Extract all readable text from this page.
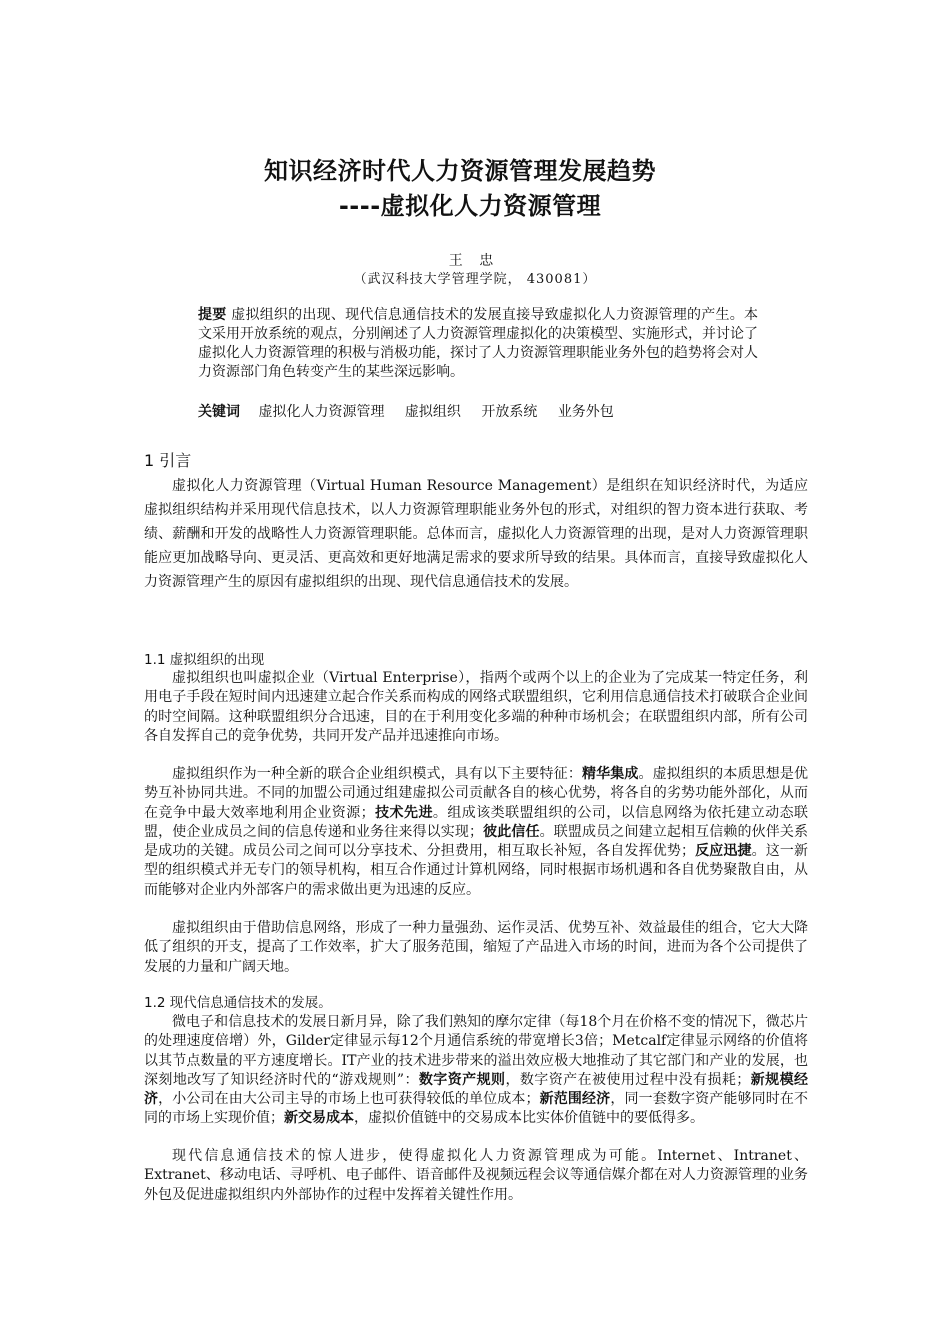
知识经济时代人力资源管理发展趋势
----虚拟化人力资源管理
王 忠
（武汉科技大学管理学院， 430081）
提要 虚拟组织的出现、现代信息通信技术的发展直接导致虚拟化人力资源管理的产生。本文采用开放系统的观点，分别阐述了人力资源管理虚拟化的决策模型、实施形式，并讨论了虚拟化人力资源管理的积极与消极功能，探讨了人力资源管理职能业务外包的趋势将会对人力资源部门角色转变产生的某些深远影响。
关键词 虚拟化人力资源管理 虚拟组织 开放系统 业务外包
1 引言

虚拟化人力资源管理（Virtual Human Resource Management）是组织在知识经济时代，为适应虚拟组织结构并采用现代信息技术，以人力资源管理职能业务外包的形式，对组织的智力资本进行获取、考绩、薪酬和开发的战略性人力资源管理职能。总体而言，虚拟化人力资源管理的出现，是对人力资源管理职能应更加战略导向、更灵活、更高效和更好地满足需求的要求所导致的结果。具体而言，直接导致虚拟化人力资源管理产生的原因有虚拟组织的出现、现代信息通信技术的发展。

1.1 虚拟组织的出现

虚拟组织也叫虚拟企业（Virtual Enterprise），指两个或两个以上的企业为了完成某一特定任务，利用电子手段在短时间内迅速建立起合作关系而构成的网络式联盟组织，它利用信息通信技术打破联合企业间的时空间隔。这种联盟组织分合迅速，目的在于利用变化多端的种种市场机会；在联盟组织内部，所有公司各自发挥自己的竞争优势，共同开发产品并迅速推向市场。

虚拟组织作为一种全新的联合企业组织模式，具有以下主要特征：精华集成。虚拟组织的本质思想是优势互补协同共进。不同的加盟公司通过组建虚拟公司贡献各自的核心优势，将各自的劣势功能外部化，从而在竞争中最大效率地利用企业资源；技术先进。组成该类联盟组织的公司，以信息网络为依托建立动态联盟，使企业成员之间的信息传递和业务往来得以实现；彼此信任。联盟成员之间建立起相互信赖的伙伴关系是成功的关键。成员公司之间可以分享技术、分担费用，相互取长补短，各自发挥优势；反应迅捷。这一新型的组织模式并无专门的领导机构，相互合作通过计算机网络，同时根据市场机遇和各自优势聚散自由，从而能够对企业内外部客户的需求做出更为迅速的反应。

虚拟组织由于借助信息网络，形成了一种力量强劲、运作灵活、优势互补、效益最佳的组合，它大大降低了组织的开支，提高了工作效率，扩大了服务范围，缩短了产品进入市场的时间，进而为各个公司提供了发展的力量和广阔天地。

1.2 现代信息通信技术的发展。

微电子和信息技术的发展日新月异，除了我们熟知的摩尔定律（每18个月在价格不变的情况下，微芯片的处理速度倍增）外，Gilder定律显示每12个月通信系统的带宽增长3倍；Metcalf定律显示网络的价值将以其节点数量的平方速度增长。IT产业的技术进步带来的溢出效应极大地推动了其它部门和产业的发展，也深刻地改写了知识经济时代的“游戏规则”：数字资产规则，数字资产在被使用过程中没有损耗；新规模经济，小公司在由大公司主导的市场上也可获得较低的单位成本；新范围经济，同一套数字资产能够同时在不同的市场上实现价值；新交易成本，虚拟价值链中的交易成本比实体价值链中的要低得多。

现代信息通信技术的惊人进步，使得虚拟化人力资源管理成为可能。Internet、Intranet、Extranet、移动电话、寻呼机、电子邮件、语音邮件及视频远程会议等通信媒介都在对人力资源管理的业务外包及促进虚拟组织内外部协作的过程中发挥着关键性作用。
